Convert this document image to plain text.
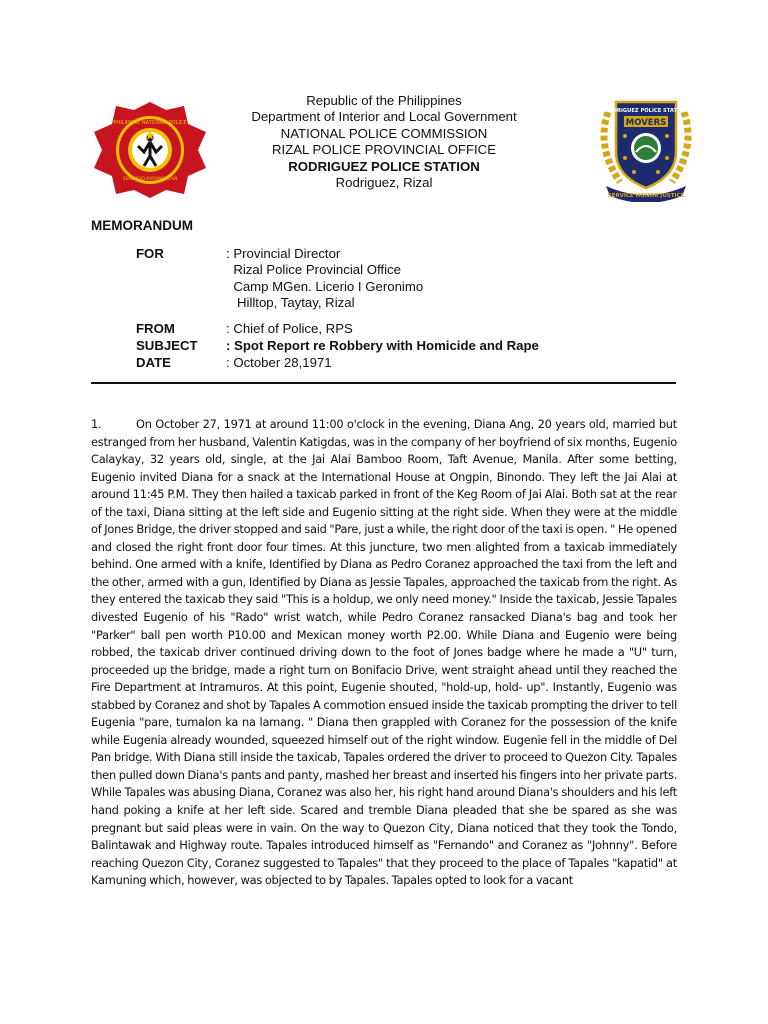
PHILIPPINE NATIONAL POLICE
SERBISYO KARANGALAN
RODRIGUEZ POLICE STATION
MOVERS
SERVICE HONOR JUSTICE
Republic of the Philippines
Department of Interior and Local Government
NATIONAL POLICE COMMISSION
RIZAL POLICE PROVINCIAL OFFICE
RODRIGUEZ POLICE STATION
Rodriguez, Rizal
MEMORANDUM
FOR	: Provincial Director
Rizal Police Provincial Office
Camp MGen. Licerio I Geronimo
Hilltop, Taytay, Rizal
FROM	: Chief of Police, RPS
SUBJECT : Spot Report re Robbery with Homicide and Rape
DATE	: October 28,1971
1.	On October 27, 1971 at around 11:00 o'clock in the evening, Diana Ang, 20 years old, married but estranged from her husband, Valentin Katigdas, was in the company of her boyfriend of six months, Eugenio Calaykay, 32 years old, single, at the Jai Alai Bamboo Room, Taft Avenue, Manila. After some betting, Eugenio invited Diana for a snack at the International House at Ongpin, Binondo. They left the Jai Alai at around 11:45 P.M. They then hailed a taxicab parked in front of the Keg Room of Jai Alai. Both sat at the rear of the taxi, Diana sitting at the left side and Eugenio sitting at the right side. When they were at the middle of Jones Bridge, the driver stopped and said "Pare, just a while, the right door of the taxi is open. " He opened and closed the right front door four times. At this juncture, two men alighted from a taxicab immediately behind. One armed with a knife, Identified by Diana as Pedro Coranez approached the taxi from the left and the other, armed with a gun, Identified by Diana as Jessie Tapales, approached the taxicab from the right. As they entered the taxicab they said "This is a holdup, we only need money." Inside the taxicab, Jessie Tapales divested Eugenio of his "Rado" wrist watch, while Pedro Coranez ransacked Diana's bag and took her "Parker" ball pen worth P10.00 and Mexican money worth P2.00. While Diana and Eugenio were being robbed, the taxicab driver continued driving down to the foot of Jones badge where he made a "U" turn, proceeded up the bridge, made a right turn on Bonifacio Drive, went straight ahead until they reached the Fire Department at Intramuros. At this point, Eugenie shouted, "hold-up, hold- up". Instantly, Eugenio was stabbed by Coranez and shot by Tapales A commotion ensued inside the taxicab prompting the driver to tell Eugenia "pare, tumalon ka na lamang. " Diana then grappled with Coranez for the possession of the knife while Eugenia already wounded, squeezed himself out of the right window. Eugenie fell in the middle of Del Pan bridge. With Diana still inside the taxicab, Tapales ordered the driver to proceed to Quezon City. Tapales then pulled down Diana's pants and panty, mashed her breast and inserted his fingers into her private parts. While Tapales was abusing Diana, Coranez was also her, his right hand around Diana's shoulders and his left hand poking a knife at her left side. Scared and tremble Diana pleaded that she be spared as she was pregnant but said pleas were in vain. On the way to Quezon City, Diana noticed that they took the Tondo, Balintawak and Highway route. Tapales introduced himself as "Fernando" and Coranez as "Johnny". Before reaching Quezon City, Coranez suggested to Tapales" that they proceed to the place of Tapales "kapatid" at Kamuning which, however, was objected to by Tapales. Tapales opted to look for a vacant
